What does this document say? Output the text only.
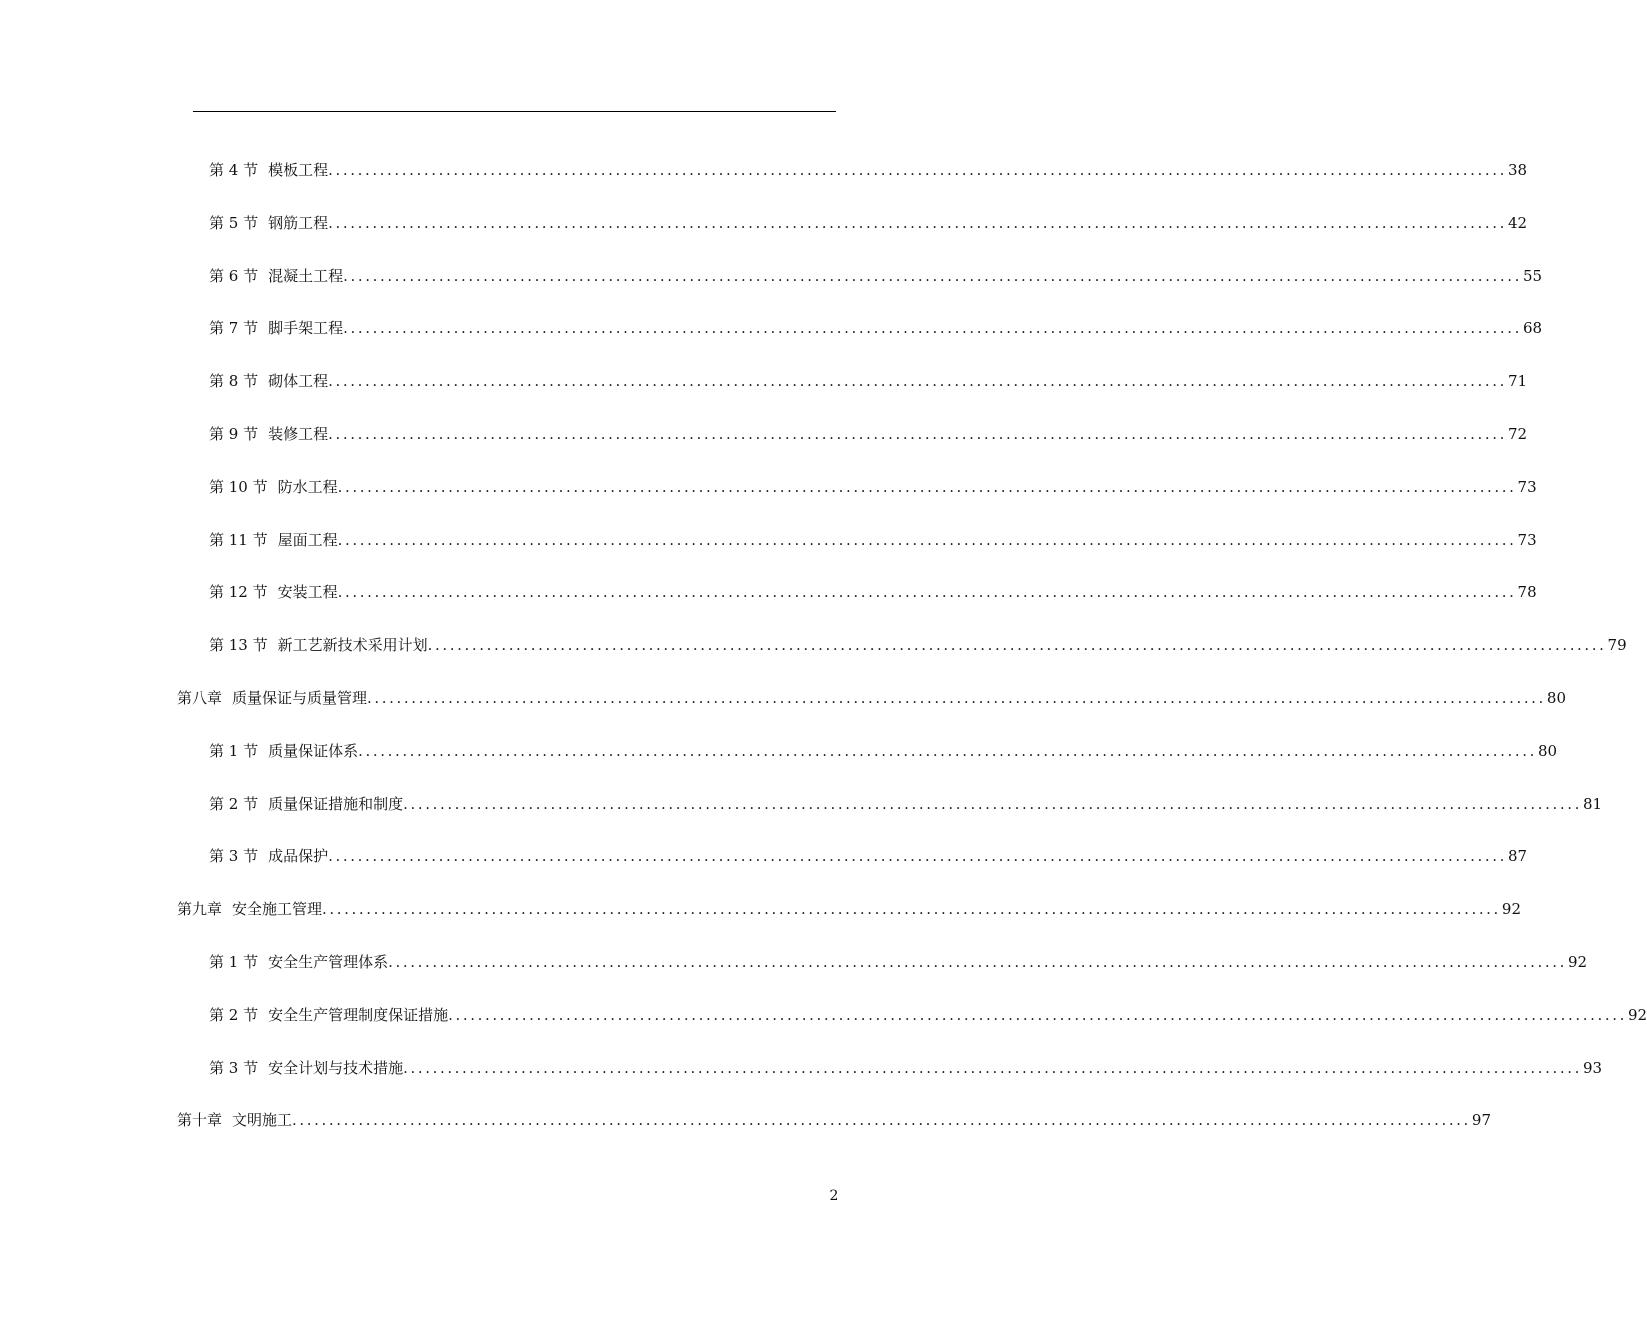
第 4 节 模板工程 ................................................................................................................................................................ 38
第 5 节 钢筋工程 ................................................................................................................................................................ 42
第 6 节 混凝土工程 ................................................................................................................................................................ 55
第 7 节 脚手架工程 ................................................................................................................................................................ 68
第 8 节 砌体工程 ................................................................................................................................................................ 71
第 9 节 装修工程 ................................................................................................................................................................ 72
第 10 节 防水工程 ................................................................................................................................................................ 73
第 11 节 屋面工程 ................................................................................................................................................................ 73
第 12 节 安装工程 ................................................................................................................................................................ 78
第 13 节 新工艺新技术采用计划 ................................................................................................................................................................ 79
第八章 质量保证与质量管理 ................................................................................................................................................................ 80
第 1 节 质量保证体系 ................................................................................................................................................................ 80
第 2 节 质量保证措施和制度 ................................................................................................................................................................ 81
第 3 节 成品保护 ................................................................................................................................................................ 87
第九章 安全施工管理 ................................................................................................................................................................ 92
第 1 节 安全生产管理体系 ................................................................................................................................................................ 92
第 2 节 安全生产管理制度保证措施 ................................................................................................................................................................ 92
第 3 节 安全计划与技术措施 ................................................................................................................................................................ 93
第十章 文明施工 ................................................................................................................................................................ 97
2
